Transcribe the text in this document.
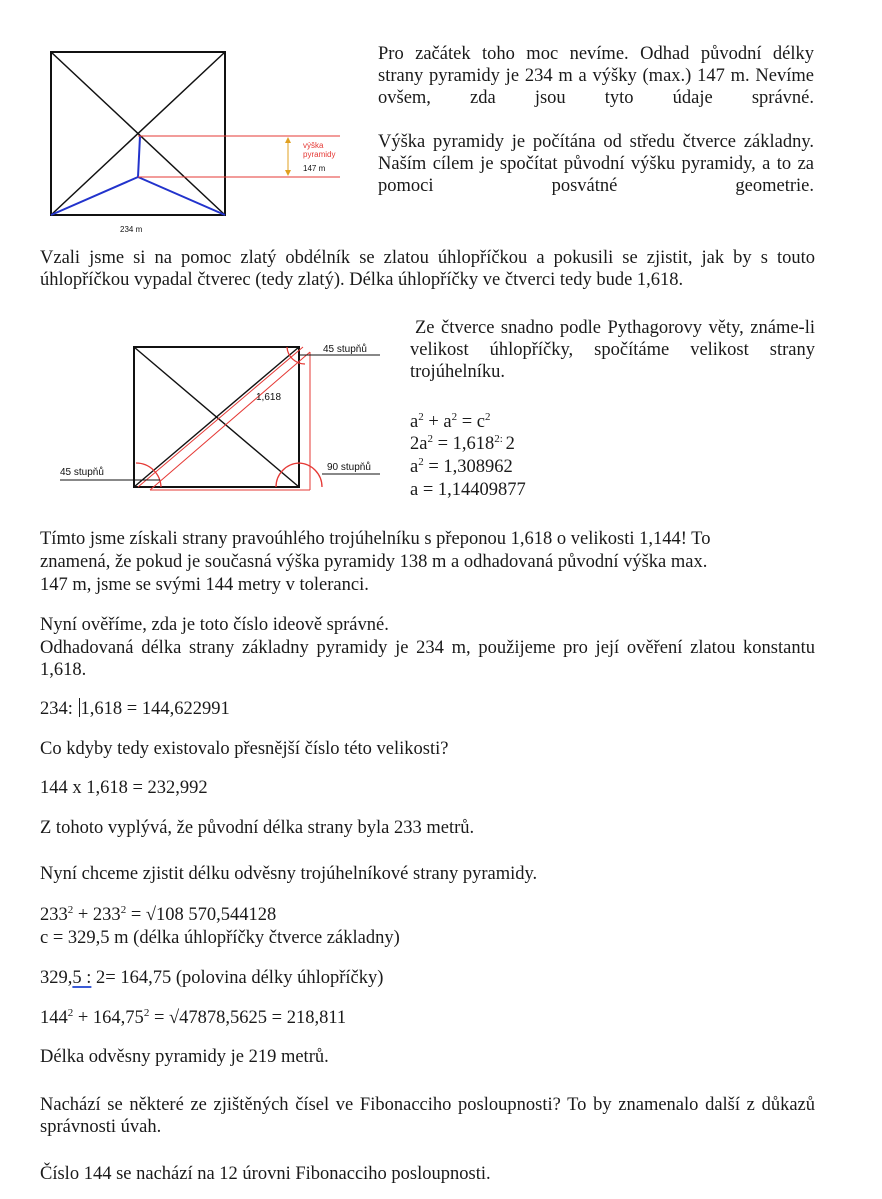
výška
pyramidy
147 m
234 m
Pro začátek toho moc nevíme. Odhad původní délky strany pyramidy je 234 m a výšky (max.) 147 m. Nevíme ovšem, zda jsou tyto údaje správné.
Výška pyramidy je počítána od středu čtverce základny. Naším cílem je spočítat původní výšku pyramidy, a to za pomoci posvátné geometrie.
Vzali jsme si na pomoc zlatý obdélník se zlatou úhlopříčkou a pokusili se zjistit, jak by s touto úhlopříčkou vypadal čtverec (tedy zlatý). Délka úhlopříčky ve čtverci tedy bude 1,618.
45 stupňů
1,618
45 stupňů	90 stupňů
Ze čtverce snadno podle Pythagorovy věty, známe-li velikost úhlopříčky, spočítáme velikost strany trojúhelníku.
$a^2 + a^2 = c^2$
$2a^2 = 1,618^{2:}$ 2
$a^2 = 1,308962$
a = 1,14409877
Tímto jsme získali strany pravoúhlého trojúhelníku s přeponou 1,618 o velikosti 1,144! To
znamená, že pokud je současná výška pyramidy 138 m a odhadovaná původní výška max.
147 m, jsme se svými 144 metry v toleranci.
Nyní ověříme, zda je toto číslo ideově správné.
Odhadovaná délka strany základny pyramidy je 234 m, použijeme pro její ověření zlatou konstantu 1,618.
234: 1,618 = 144,622991
Co kdyby tedy existovalo přesnější číslo této velikosti?
144 x 1,618 = 232,992
Z tohoto vyplývá, že původní délka strany byla 233 metrů.
Nyní chceme zjistit délku odvěsny trojúhelníkové strany pyramidy.
$233^2 + 233^2 = √108$ 570,544128
c = 329,5 m (délka úhlopříčky čtverce základny)
329,5 : 2= 164,75 (polovina délky úhlopříčky)
$144^2 + 164,75^2 = √47878,5625 = 218,811$
Délka odvěsny pyramidy je 219 metrů.
Nachází se některé ze zjištěných čísel ve Fibonacciho posloupnosti? To by znamenalo další z důkazů správnosti úvah.
Číslo 144 se nachází na 12 úrovni Fibonacciho posloupnosti.
